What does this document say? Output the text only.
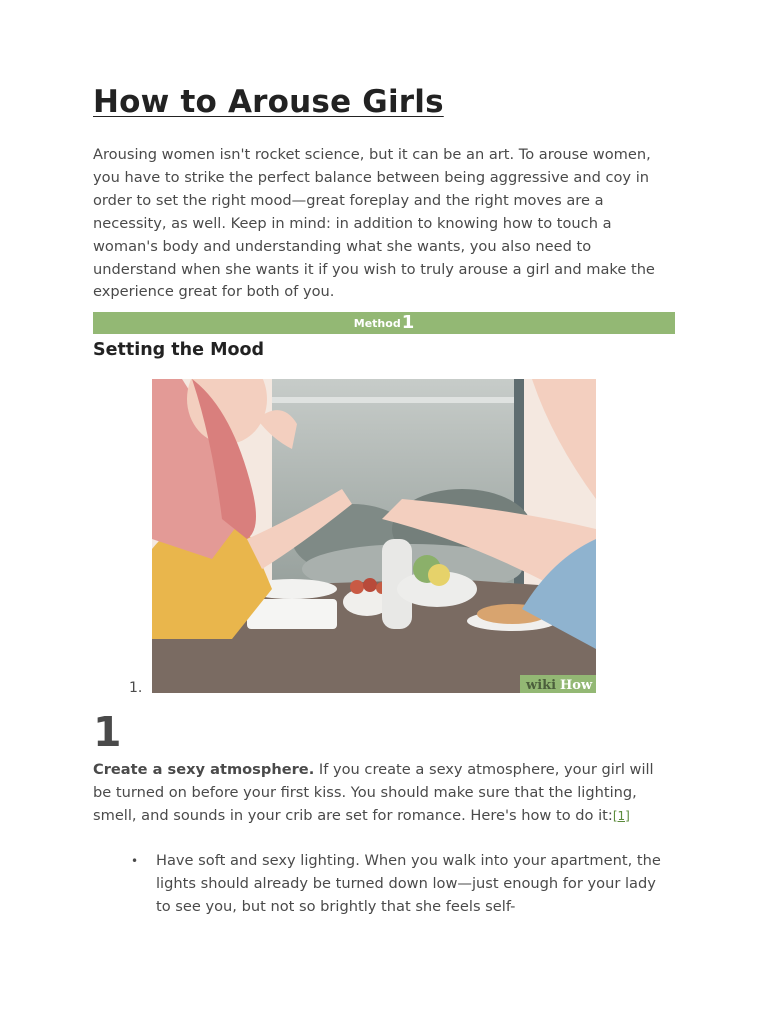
How to Arouse Girls

Arousing women isn't rocket science, but it can be an art. To arouse women, you have to strike the perfect balance between being aggressive and coy in order to set the right mood—great foreplay and the right moves are a necessity, as well. Keep in mind: in addition to knowing how to touch a woman's body and understanding what she wants, you also need to understand when she wants it if you wish to truly arouse a girl and make the experience great for both of you.

Method 1
Setting the Mood
1.	wiki How
1

Create a sexy atmosphere. If you create a sexy atmosphere, your girl will be turned on before your first kiss. You should make sure that the lighting, smell, and sounds in your crib are set for romance. Here's how to do it:[1]

• Have soft and sexy lighting. When you walk into your apartment, the lights should already be turned down low—just enough for your lady to see you, but not so brightly that she feels self-
